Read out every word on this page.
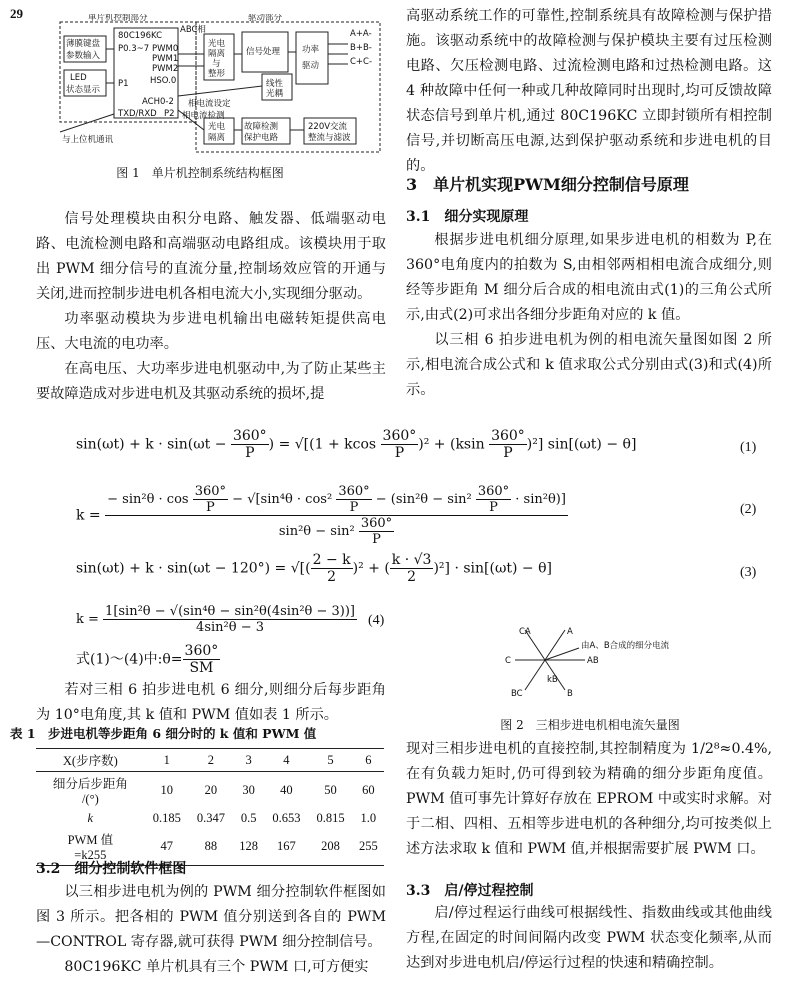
29	单片机控制部分	驱动部分
薄膜键盘
参数输入
LED
状态显示
80C196KC
P0.3~7
P1
PWM0
PWM1
PWM2
HSO.0
ACH0-2
TXD/RXD P2
ABC相
光电
隔离
与
整形
信号处理	功率
驱动
A+A-
B+B-
C+C-
线性
光耦
相电流设定
相电流检测
光电
隔离
故障检测
保护电路
220V交流
整流与滤波
与上位机通讯
图 1　单片机控制系统结构框图

信号处理模块由积分电路、触发器、低端驱动电路、电流检测电路和高端驱动电路组成。该模块用于取出 PWM 细分信号的直流分量,控制场效应管的开通与关闭,进而控制步进电机各相电流大小,实现细分驱动。

功率驱动模块为步进电机输出电磁转矩提供高电压、大电流的电功率。

在高电压、大功率步进电机驱动中,为了防止某些主要故障造成对步进电机及其驱动系统的损坏,提

高驱动系统工作的可靠性,控制系统具有故障检测与保护措施。该驱动系统中的故障检测与保护模块主要有过压检测电路、欠压检测电路、过流检测电路和过热检测电路。这 4 种故障中任何一种或几种故障同时出现时,均可反馈故障状态信号到单片机,通过 80C196KC 立即封锁所有相控制信号,并切断高压电源,达到保护驱动系统和步进电机的目的。

3　单片机实现PWM细分控制信号原理
3.1　细分实现原理

根据步进电机细分原理,如果步进电机的相数为 P,在 360°电角度内的拍数为 S,由相邻两相相电流合成细分,则经等步距角 M 细分后合成的相电流由式(1)的三角公式所示,由式(2)可求出各细分步距角对应的 k 值。

以三相 6 拍步进电机为例的相电流矢量图如图 2 所示,相电流合成公式和 k 值求取公式分别由式(3)和式(4)所示。

$\sin(\omega t) + k \cdot \sin(\omega t - \frac{360^\circ}{P}$ ) = √[(1 + kcos $\frac{360^\circ}{P} )^2 + (ksin \frac{360^\circ}{P} )^2$] sin[(ωt) − θ]	(1)
k =
− $\sin^2\theta \cdot \cos \frac{360^\circ}{P} - √[\sin^4\theta \cdot \cos^2 \frac{360^\circ}{P} - (\sin^2\theta - \sin^2 \frac{360^\circ}{P} \cdot \sin^2\theta)]$
$\sin^2\theta - \sin^2 \frac{360^\circ}{P}$
(2)
sin(ωt) + k · sin(ωt − 120°) = √[( $\frac{2 - k}{2} )^2$ + ( $\frac{k \cdot √3}{2} )^2] \cdot \sin[(\omega t) - \theta]$	(3)
$k = \frac{\text{1[sin²θ − √(sin⁴θ − sin²θ(4sin²θ − 3))]}}{\text{4sin²θ − 3}} (4)$
式(1)～(4)中:θ= $\frac{360^\circ}{SM}$

若对三相 6 拍步进电机 6 细分,则细分后每步距角为 10°电角度,其 k 值和 PWM 值如表 1 所示。

CA	A
C	AB
BC	B
kB
由A、B合成的细分电流
图 2　三相步进电机相电流矢量图
表 1　步进电机等步距角 6 细分时的 k 值和 PWM 值
X(步序数)	1	2	3	4	5	6
细分后步距角
/(°)	10	20	30	40	50	60
k	0.185	0.347	0.5	0.653	0.815	1.0
PWM 值
=k255	47	88	128	167	208	255
3.2　细分控制软件框图

以三相步进电机为例的 PWM 细分控制软件框图如图 3 所示。把各相的 PWM 值分别送到各自的 PWM—CONTROL 寄存器,就可获得 PWM 细分控制信号。

80C196KC 单片机具有三个 PWM 口,可方便实

现对三相步进电机的直接控制,其控制精度为 1/2⁸≈0.4%,在有负载力矩时,仍可得到较为精确的细分步距角度值。PWM 值可事先计算好存放在 EPROM 中或实时求解。对于二相、四相、五相等步进电机的各种细分,均可按类似上述方法求取 k 值和 PWM 值,并根据需要扩展 PWM 口。

3.3　启/停过程控制

启/停过程运行曲线可根据线性、指数曲线或其他曲线方程,在固定的时间间隔内改变 PWM 状态变化频率,从而达到对步进电机启/停运行过程的快速和精确控制。
